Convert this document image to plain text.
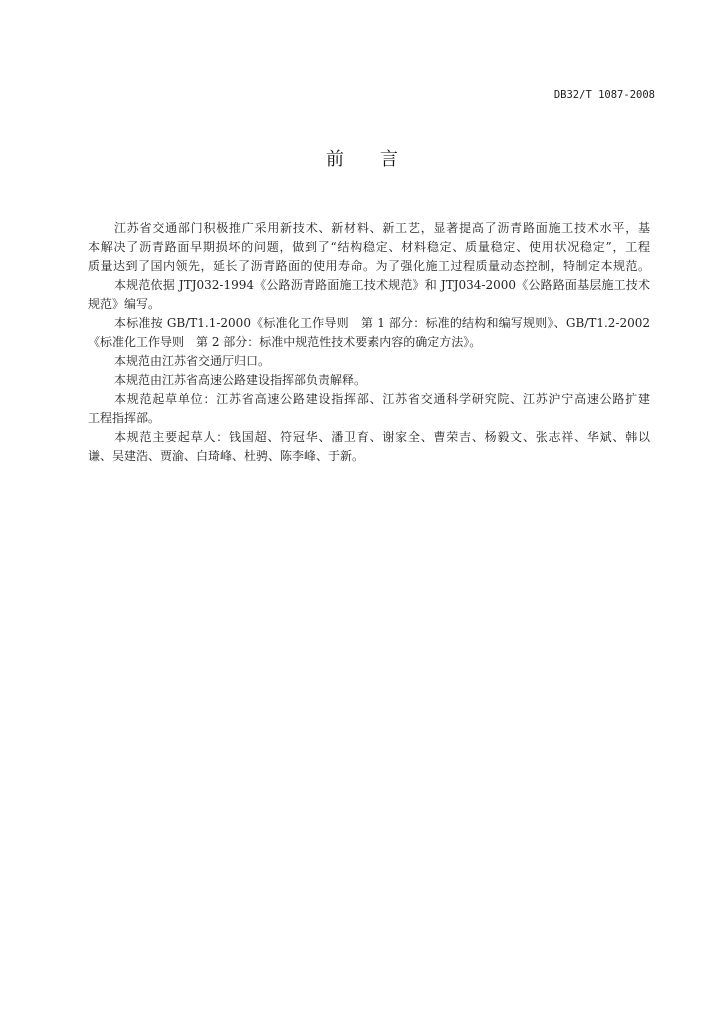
DB32/T 1087-2008
前　　言
江苏省交通部门积极推广采用新技术、新材料、新工艺，显著提高了沥青路面施工技术水平，基
本解决了沥青路面早期损坏的问题，做到了“结构稳定、材料稳定、质量稳定、使用状况稳定”，工程
质量达到了国内领先，延长了沥青路面的使用寿命。为了强化施工过程质量动态控制，特制定本规范。
本规范依据 JTJ032-1994《公路沥青路面施工技术规范》和 JTJ034-2000《公路路面基层施工技术
规范》编写。
本标准按 GB/T1.1-2000《标准化工作导则　第 1 部分：标准的结构和编写规则》、GB/T1.2-2002
《标准化工作导则　第 2 部分：标准中规范性技术要素内容的确定方法》。
本规范由江苏省交通厅归口。
本规范由江苏省高速公路建设指挥部负责解释。
本规范起草单位：江苏省高速公路建设指挥部、江苏省交通科学研究院、江苏沪宁高速公路扩建
工程指挥部。
本规范主要起草人：钱国超、符冠华、潘卫育、谢家全、曹荣吉、杨毅文、张志祥、华斌、韩以
谦、吴建浩、贾渝、白琦峰、杜骋、陈李峰、于新。
